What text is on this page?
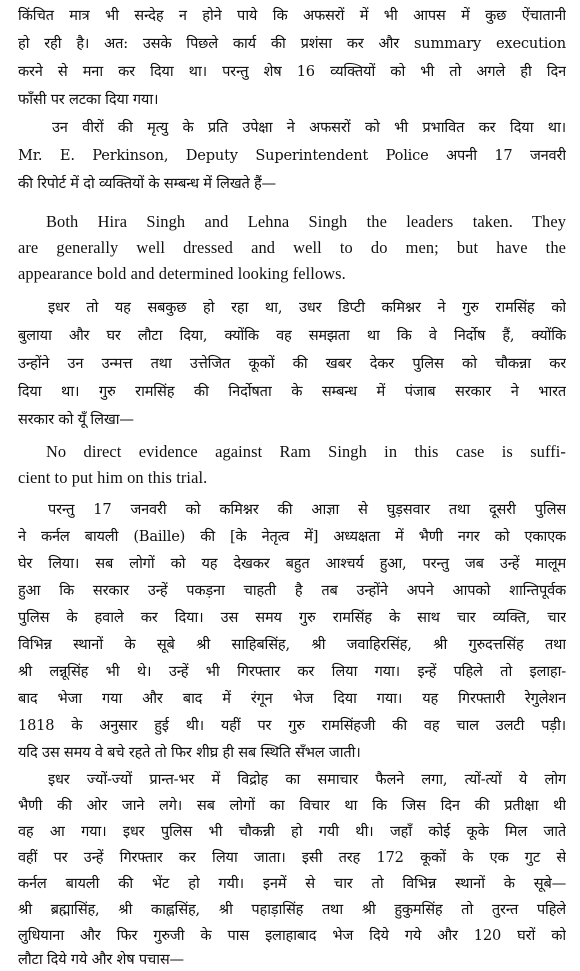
किंचित मात्र भी सन्देह न होने पाये कि अफसरों में भी आपस में कुछ ऐंचातानी
हो रही है। अत: उसके पिछले कार्य की प्रशंसा कर और summary execution
करने से मना कर दिया था। परन्तु शेष 16 व्यक्तियों को भी तो अगले ही दिन
फाँसी पर लटका दिया गया।
उन वीरों की मृत्यु के प्रति उपेक्षा ने अफसरों को भी प्रभावित कर दिया था।
Mr. E. Perkinson, Deputy Superintendent Police अपनी 17 जनवरी
की रिपोर्ट में दो व्यक्तियों के सम्बन्ध में लिखते हैं—
Both Hira Singh and Lehna Singh the leaders taken. They
are generally well dressed and well to do men; but have the
appearance bold and determined looking fellows.
इधर तो यह सबकुछ हो रहा था, उधर डिप्टी कमिश्नर ने गुरु रामसिंह को
बुलाया और घर लौटा दिया, क्योंकि वह समझता था कि वे निर्दोष हैं, क्योंकि
उन्होंने उन उन्मत्त तथा उत्तेजित कूकों की खबर देकर पुलिस को चौकन्ना कर
दिया था। गुरु रामसिंह की निर्दोषता के सम्बन्ध में पंजाब सरकार ने भारत
सरकार को यूँ लिखा—
No direct evidence against Ram Singh in this case is suffi-
cient to put him on this trial.
परन्तु 17 जनवरी को कमिश्नर की आज्ञा से घुड़सवार तथा दूसरी पुलिस
ने कर्नल बायली (Baille) की [के नेतृत्व में] अध्यक्षता में भैणी नगर को एकाएक
घेर लिया। सब लोगों को यह देखकर बहुत आश्चर्य हुआ, परन्तु जब उन्हें मालूम
हुआ कि सरकार उन्हें पकड़ना चाहती है तब उन्होंने अपने आपको शान्तिपूर्वक
पुलिस के हवाले कर दिया। उस समय गुरु रामसिंह के साथ चार व्यक्ति, चार
विभिन्न स्थानों के सूबे श्री साहिबसिंह, श्री जवाहिरसिंह, श्री गुरुदत्तसिंह तथा
श्री लन्नूसिंह भी थे। उन्हें भी गिरफ्तार कर लिया गया। इन्हें पहिले तो इलाहा-
बाद भेजा गया और बाद में रंगून भेज दिया गया। यह गिरफ्तारी रेगुलेशन
1818 के अनुसार हुई थी। यहीं पर गुरु रामसिंहजी की वह चाल उलटी पड़ी।
यदि उस समय वे बचे रहते तो फिर शीघ्र ही सब स्थिति सँभल जाती।
इधर ज्यों-ज्यों प्रान्त-भर में विद्रोह का समाचार फैलने लगा, त्यों-त्यों ये लोग
भैणी की ओर जाने लगे। सब लोगों का विचार था कि जिस दिन की प्रतीक्षा थी
वह आ गया। इधर पुलिस भी चौकन्नी हो गयी थी। जहाँ कोई कूके मिल जाते
वहीं पर उन्हें गिरफ्तार कर लिया जाता। इसी तरह 172 कूकों के एक गुट से
कर्नल बायली की भेंट हो गयी। इनमें से चार तो विभिन्न स्थानों के सूबे—
श्री ब्रह्मासिंह, श्री काह्नसिंह, श्री पहाड़ासिंह तथा श्री हुकुमसिंह तो तुरन्त पहिले
लुधियाना और फिर गुरुजी के पास इलाहाबाद भेज दिये गये और 120 घरों को
लौटा दिये गये और शेष पचास—
